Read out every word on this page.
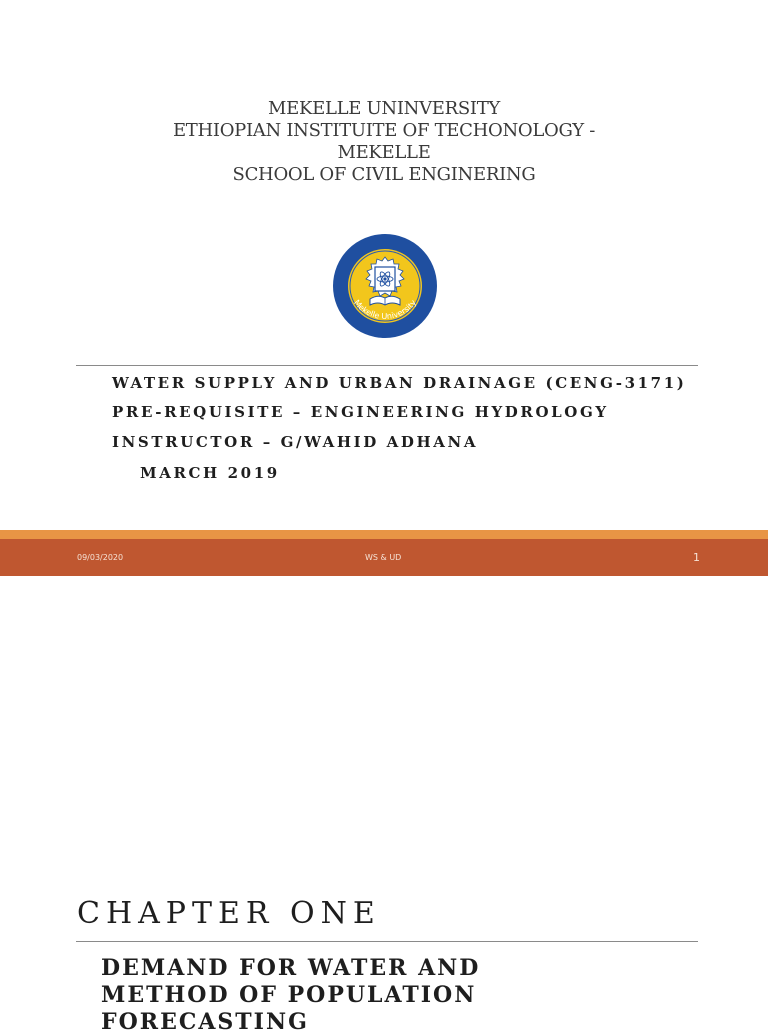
MEKELLE UNINVERSITY
ETHIOPIAN INSTITUITE OF TECHONOLOGY -
MEKELLE
SCHOOL OF CIVIL ENGINERING
Mekelle University
WATER SUPPLY AND URBAN DRAINAGE (CENG-3171)
PRE-REQUISITE – ENGINEERING HYDROLOGY
INSTRUCTOR – G/WAHID ADHANA
MARCH 2019
09/03/2020	WS & UD	1
CHAPTER ONE
DEMAND FOR WATER AND
METHOD OF POPULATION
FORECASTING
